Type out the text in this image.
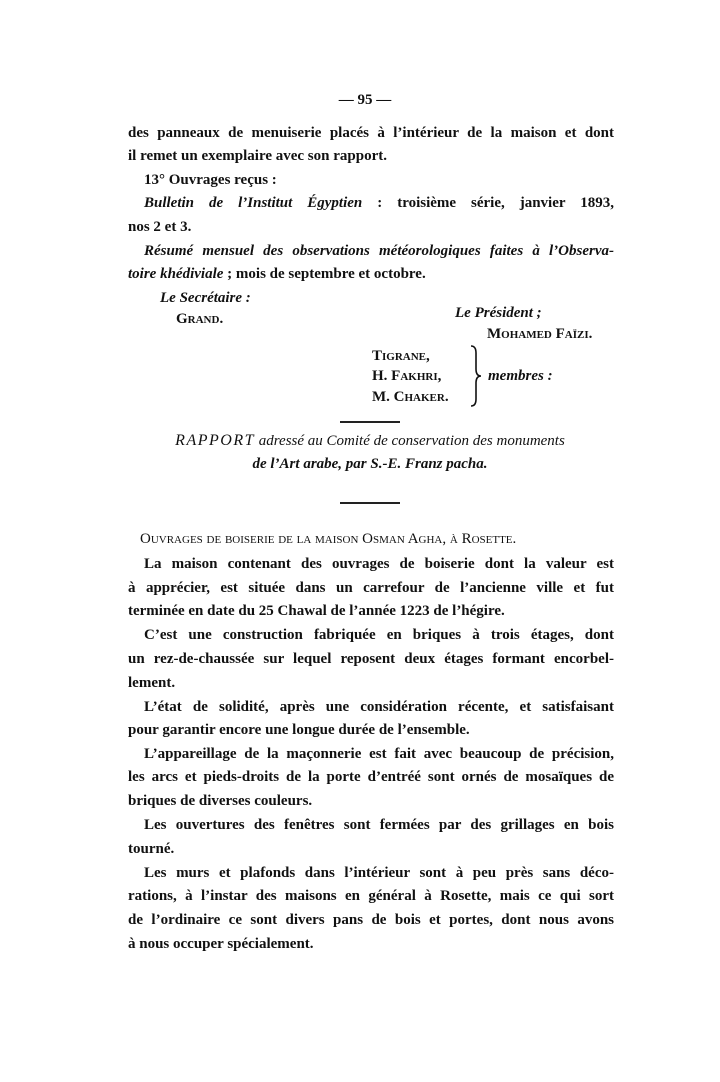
— 95 —
des panneaux de menuiserie placés à l’intérieur de la maison et dont
il remet un exemplaire avec son rapport.
13° Ouvrages reçus :
Bulletin de l’Institut Égyptien : troisième série, janvier 1893,
nos 2 et 3.
Résumé mensuel des observations météorologiques faites à l’Observa-
toire khédiviale ; mois de septembre et octobre.
Le Secrétaire :
Grand.	Le Président ;
Mohamed Faïzi.
Tigrane,
H. Fakhri,
M. Chaker.
membres :
RAPPORT adressé au Comité de conservation des monuments
de l’Art arabe, par S.-E. Franz pacha.
Ouvrages de boiserie de la maison Osman Agha, à Rosette.
La maison contenant des ouvrages de boiserie dont la valeur est
à apprécier, est située dans un carrefour de l’ancienne ville et fut
terminée en date du 25 Chawal de l’année 1223 de l’hégire.
C’est une construction fabriquée en briques à trois étages, dont
un rez-de-chaussée sur lequel reposent deux étages formant encorbel-
lement.
L’état de solidité, après une considération récente, et satisfaisant
pour garantir encore une longue durée de l’ensemble.
L’appareillage de la maçonnerie est fait avec beaucoup de précision,
les arcs et pieds-droits de la porte d’entréé sont ornés de mosaïques de
briques de diverses couleurs.
Les ouvertures des fenêtres sont fermées par des grillages en bois
tourné.
Les murs et plafonds dans l’intérieur sont à peu près sans déco-
rations, à l’instar des maisons en général à Rosette, mais ce qui sort
de l’ordinaire ce sont divers pans de bois et portes, dont nous avons
à nous occuper spécialement.
